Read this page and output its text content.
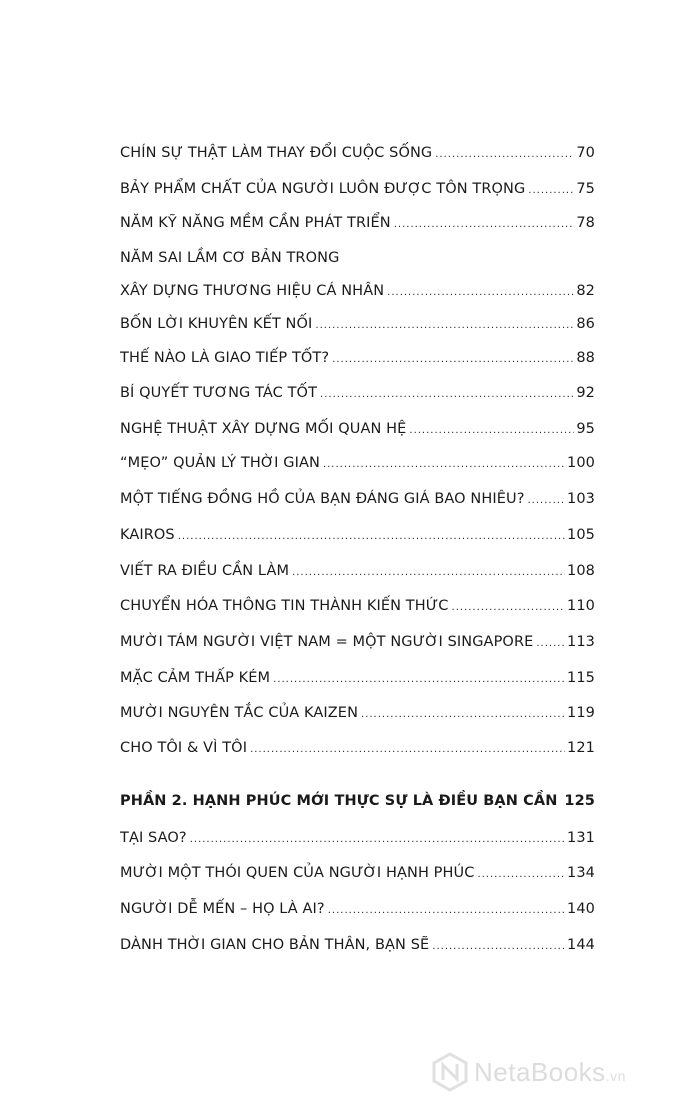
CHÍN SỰ THẬT LÀM THAY ĐỔI CUỘC SỐNG .....	70
BẢY PHẨM CHẤT CỦA NGƯỜI LUÔN ĐƯỢC TÔN TRỌNG .....	75
NĂM KỸ NĂNG MỀM CẦN PHÁT TRIỂN .....	78
NĂM SAI LẦM CƠ BẢN TRONG
XÂY DỰNG THƯƠNG HIỆU CÁ NHÂN .....	82
BỐN LỜI KHUYÊN KẾT NỐI .....	86
THẾ NÀO LÀ GIAO TIẾP TỐT? .....	88
BÍ QUYẾT TƯƠNG TÁC TỐT .....	92
NGHỆ THUẬT XÂY DỰNG MỐI QUAN HỆ .....	95
“MẸO” QUẢN LÝ THỜI GIAN .....	100
MỘT TIẾNG ĐỒNG HỒ CỦA BẠN ĐÁNG GIÁ BAO NHIÊU? .....	103
KAIROS .....	105
VIẾT RA ĐIỀU CẦN LÀM .....	108
CHUYỂN HÓA THÔNG TIN THÀNH KIẾN THỨC .....	110
MƯỜI TÁM NGƯỜI VIỆT NAM = MỘT NGƯỜI SINGAPORE ..... 113
MẶC CẢM THẤP KÉM .....	115
MƯỜI NGUYÊN TẮC CỦA KAIZEN .....	119
CHO TÔI & VÌ TÔI .....	121
PHẦN 2. HẠNH PHÚC MỚI THỰC SỰ LÀ ĐIỀU BẠN CẦN 125
TẠI SAO? .....	131
MƯỜI MỘT THÓI QUEN CỦA NGƯỜI HẠNH PHÚC .....	134
NGƯỜI DỄ MẾN – HỌ LÀ AI? .....	140
DÀNH THỜI GIAN CHO BẢN THÂN, BẠN SẼ .....	144
NetaBooks.vn
